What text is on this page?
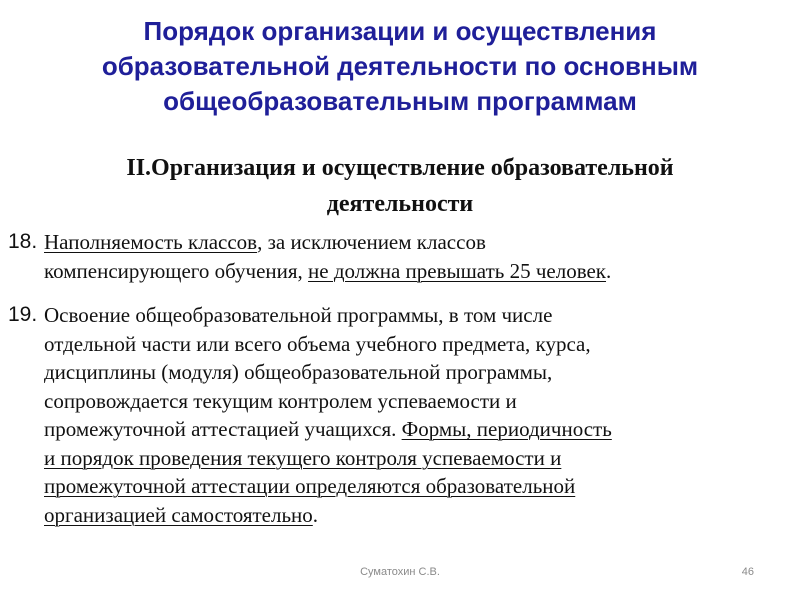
Порядок организации и осуществления
образовательной деятельности по основным
общеобразовательным программам
II.Организация и осуществление образовательной
деятельности
18. Наполняемость классов, за исключением классов
компенсирующего обучения, не должна превышать 25 человек.
19. Освоение общеобразовательной программы, в том числе
отдельной части или всего объема учебного предмета, курса,
дисциплины (модуля) общеобразовательной программы,
сопровождается текущим контролем успеваемости и
промежуточной аттестацией учащихся. Формы, периодичность
и порядок проведения текущего контроля успеваемости и
промежуточной аттестации определяются образовательной
организацией самостоятельно.
Суматохин С.В.	46
